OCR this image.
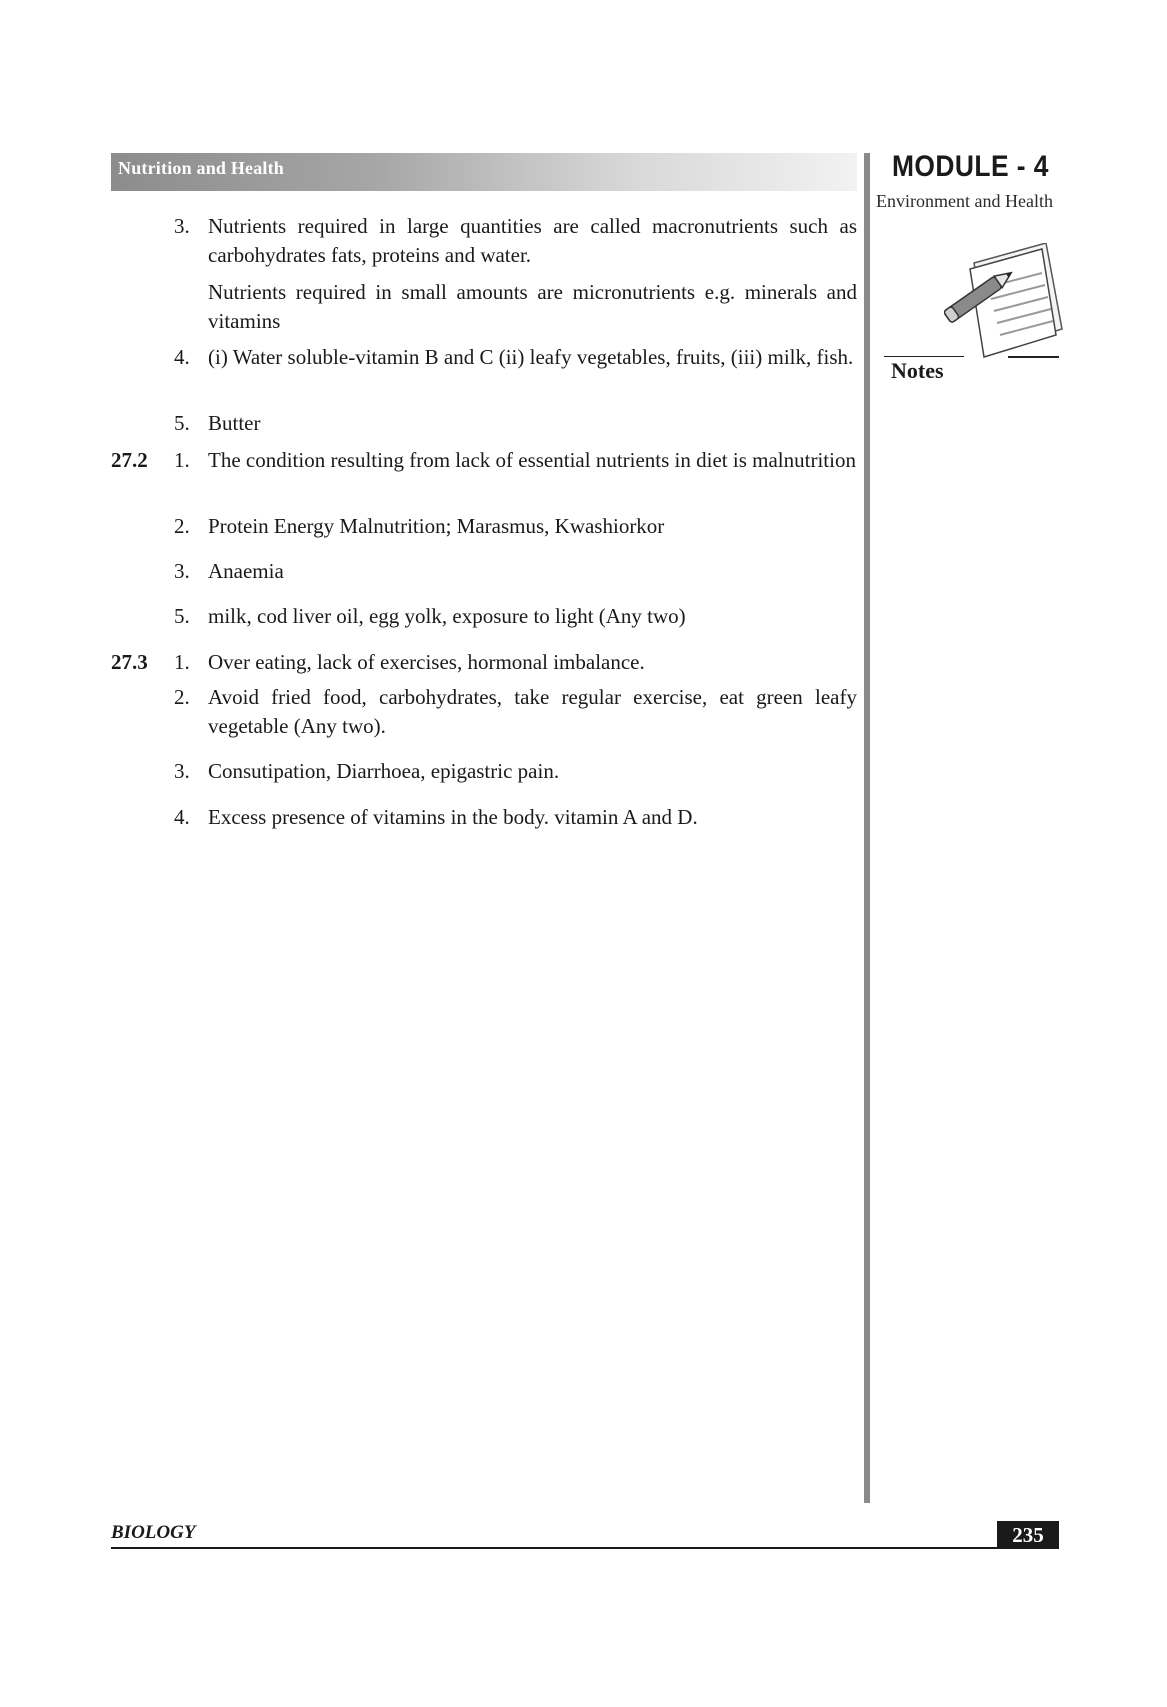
Nutrition and Health	MODULE - 4
Environment and Health
Notes
3. Nutrients required in large quantities are called macronutrients such as carbohydrates fats, proteins and water.
Nutrients required in small amounts are micronutrients e.g. minerals and vitamins
4. (i) Water soluble-vitamin B and C (ii) leafy vegetables, fruits, (iii) milk, fish.
5. Butter
27.2 1. The condition resulting from lack of essential nutrients in diet is malnutrition
2. Protein Energy Malnutrition; Marasmus, Kwashiorkor
3. Anaemia
5. milk, cod liver oil, egg yolk, exposure to light (Any two)
27.3 1. Over eating, lack of exercises, hormonal imbalance.
2. Avoid fried food, carbohydrates, take regular exercise, eat green leafy vegetable (Any two).
3. Consutipation, Diarrhoea, epigastric pain.
4. Excess presence of vitamins in the body. vitamin A and D.
BIOLOGY	235
